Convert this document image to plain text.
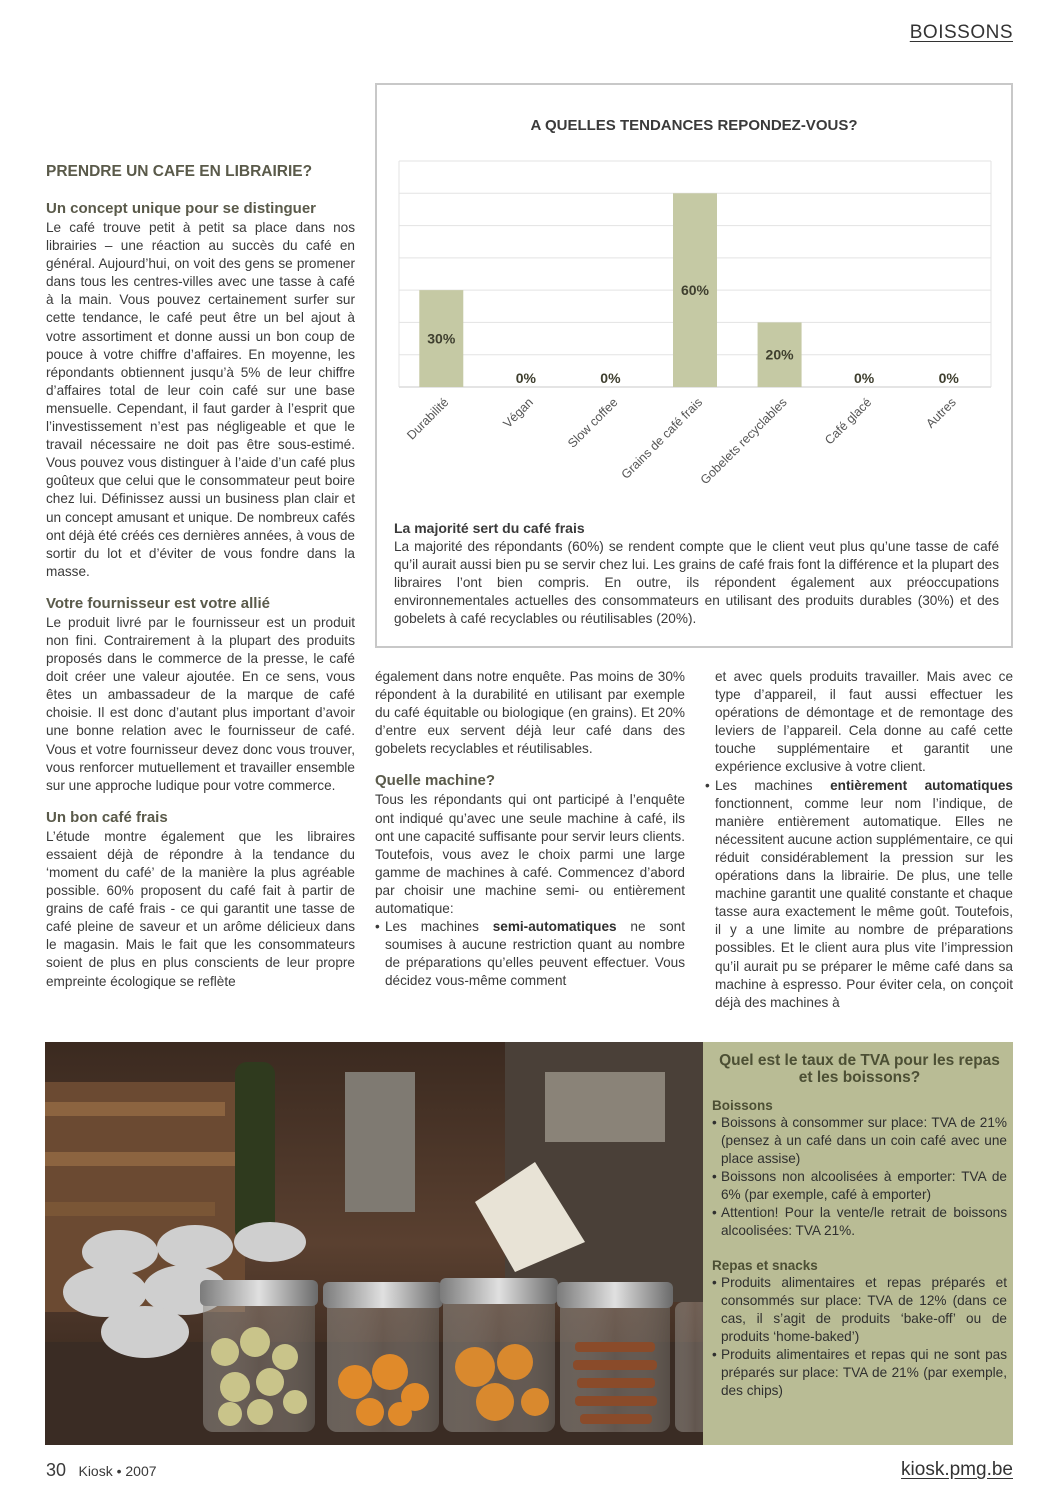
BOISSONS
PRENDRE UN CAFE EN LIBRAIRIE?
Un concept unique pour se distinguer

Le café trouve petit à petit sa place dans nos librairies – une réaction au succès du café en général. Aujourd’hui, on voit des gens se promener dans tous les centres-villes avec une tasse à café à la main. Vous pouvez certainement surfer sur cette tendance, le café peut être un bel ajout à votre assortiment et donne aussi un bon coup de pouce à votre chiffre d’affaires. En moyenne, les répondants obtiennent jusqu’à 5% de leur chiffre d’affaires total de leur coin café sur une base mensuelle. Cependant, il faut garder à l’esprit que l’investissement n’est pas négligeable et que le travail nécessaire ne doit pas être sous-estimé. Vous pouvez vous distinguer à l’aide d’un café plus goûteux que celui que le consommateur peut boire chez lui. Définissez aussi un business plan clair et un concept amusant et unique. De nombreux cafés ont déjà été créés ces dernières années, à vous de sortir du lot et d’éviter de vous fondre dans la masse.

Votre fournisseur est votre allié

Le produit livré par le fournisseur est un produit non fini. Contrairement à la plupart des produits proposés dans le commerce de la presse, le café doit créer une valeur ajoutée. En ce sens, vous êtes un ambassadeur de la marque de café choisie. Il est donc d’autant plus important d’avoir une bonne relation avec le fournisseur de café. Vous et votre fournisseur devez donc vous trouver, vous renforcer mutuellement et travailler ensemble sur une approche ludique pour votre commerce.

Un bon café frais

L’étude montre également que les libraires essaient déjà de répondre à la tendance du ‘moment du café’ de la manière la plus agréable possible. 60% proposent du café fait à partir de grains de café frais - ce qui garantit une tasse de café pleine de saveur et un arôme délicieux dans le magasin. Mais le fait que les consommateurs soient de plus en plus conscients de leur propre empreinte écologique se reflète

A QUELLES TENDANCES REPONDEZ-VOUS?
30%
Durabilité
0%
Végan
0%
Slow coffee
60%
Grains de café frais
20%
Gobelets recyclables
0%
Café glacé
0%
Autres
La majorité sert du café frais
La majorité des répondants (60%) se rendent compte que le client veut plus qu’une tasse de café qu’il aurait aussi bien pu se servir chez lui. Les grains de café frais font la différence et la plupart des libraires l’ont bien compris. En outre, ils répondent également aux préoccupations environnementales actuelles des consommateurs en utilisant des produits durables (30%) et des gobelets à café recyclables ou réutilisables (20%).

également dans notre enquête. Pas moins de 30% répondent à la durabilité en utilisant par exemple du café équitable ou biologique (en grains). Et 20% d’entre eux servent déjà leur café dans des gobelets recyclables et réutilisables.

Quelle machine?

Tous les répondants qui ont participé à l’enquête ont indiqué qu’avec une seule machine à café, ils ont une capacité suffisante pour servir leurs clients. Toutefois, vous avez le choix parmi une large gamme de machines à café. Commencez d’abord par choisir une machine semi- ou entièrement automatique:

• Les machines semi-automatiques ne sont soumises à aucune restriction quant au nombre de préparations qu’elles peuvent effectuer. Vous décidez vous-même comment

et avec quels produits travailler. Mais avec ce type d’appareil, il faut aussi effectuer les opérations de démontage et de remontage des leviers de l’appareil. Cela donne au café cette touche supplémentaire et garantit une expérience exclusive à votre client.

• Les machines entièrement automatiques fonctionnent, comme leur nom l’indique, de manière entièrement automatique. Elles ne nécessitent aucune action supplémentaire, ce qui réduit considérablement la pression sur les opérations dans la librairie. De plus, une telle machine garantit une qualité constante et chaque tasse aura exactement le même goût. Toutefois, il y a une limite au nombre de préparations possibles. Et le client aura plus vite l’impression qu’il aurait pu se préparer le même café dans sa machine à espresso. Pour éviter cela, on conçoit déjà des machines à
Quel est le taux de TVA pour les repas et les boissons?
Boissons
• Boissons à consommer sur place: TVA de 21% (pensez à un café dans un coin café avec une place assise)
• Boissons non alcoolisées à emporter: TVA de 6% (par exemple, café à emporter)
• Attention! Pour la vente/le retrait de boissons alcoolisées: TVA 21%.
Repas et snacks
• Produits alimentaires et repas préparés et consommés sur place: TVA de 12% (dans ce cas, il s’agit de produits ‘bake-off’ ou de produits ‘home-baked’)
• Produits alimentaires et repas qui ne sont pas préparés sur place: TVA de 21% (par exemple, des chips)
30 Kiosk • 2007	kiosk.pmg.be
